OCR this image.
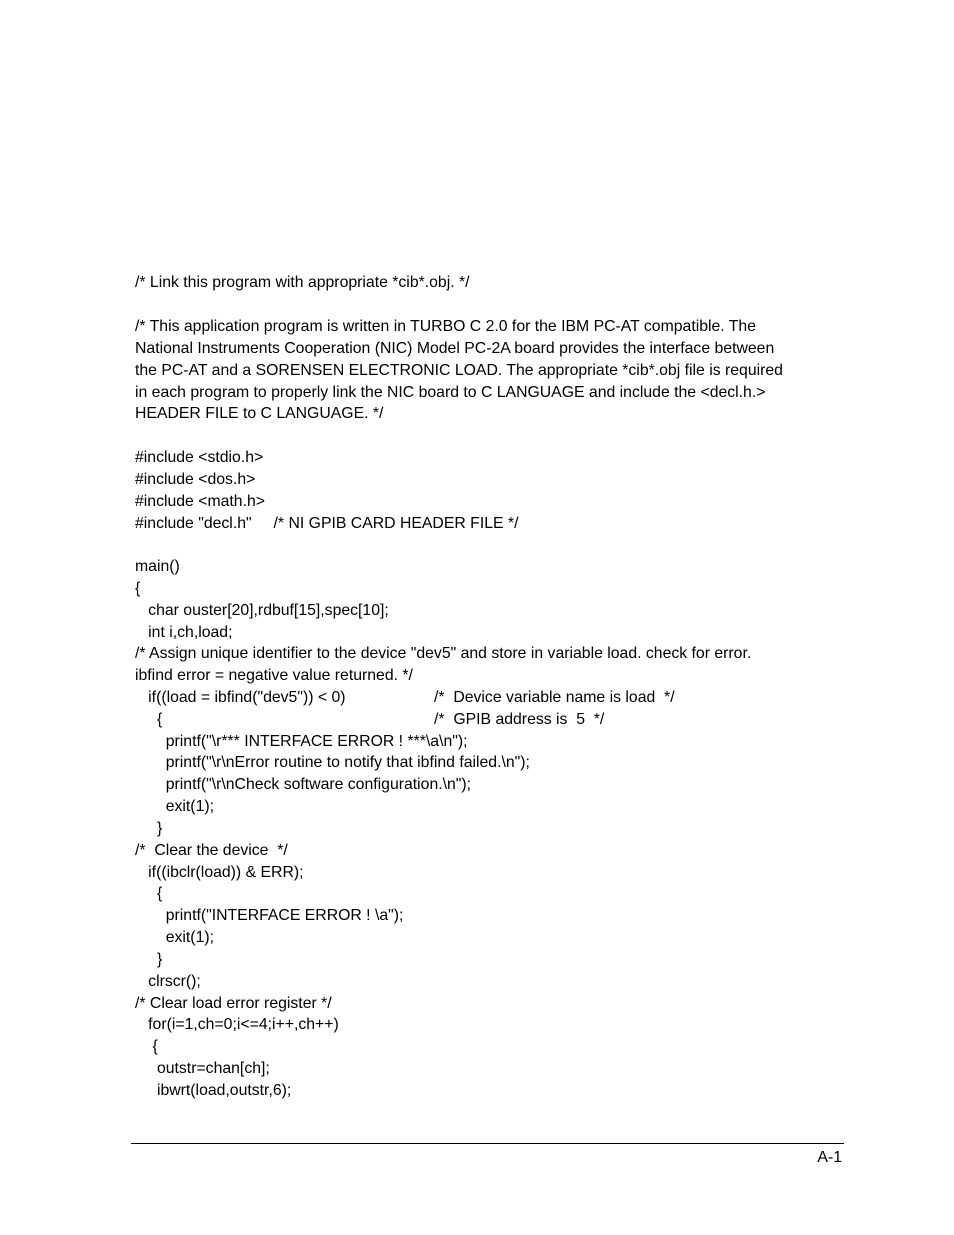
/* Link this program with appropriate *cib*.obj. */

/* This application program is written in TURBO C 2.0 for the IBM PC-AT compatible. The

National Instruments Cooperation (NIC) Model PC-2A board provides the interface between

the PC-AT and a SORENSEN ELECTRONIC LOAD. The appropriate *cib*.obj file is required

in each program to properly link the NIC board to C LANGUAGE and include the <decl.h.>

HEADER FILE to C LANGUAGE. */

#include <stdio.h>

#include <dos.h>

#include <math.h>

#include "decl.h"     /* NI GPIB CARD HEADER FILE */

main()
{
char ouster[20],rdbuf[15],spec[10];
int i,ch,load;
/* Assign unique identifier to the device "dev5" and store in variable load. check for error.
ibfind error = negative value returned. */
if((load = ibfind("dev5")) < 0)	/*  Device variable name is load  */
{	/*  GPIB address is  5  */
printf("\r*** INTERFACE ERROR ! ***\a\n");
printf("\r\nError routine to notify that ibfind failed.\n");
printf("\r\nCheck software configuration.\n");
exit(1);
}
/*  Clear the device  */
if((ibclr(load)) & ERR);
{
printf("INTERFACE ERROR ! \a");
exit(1);
}
clrscr();
/* Clear load error register */
for(i=1,ch=0;i<=4;i++,ch++)
{
outstr=chan[ch];
ibwrt(load,outstr,6);
A-1
